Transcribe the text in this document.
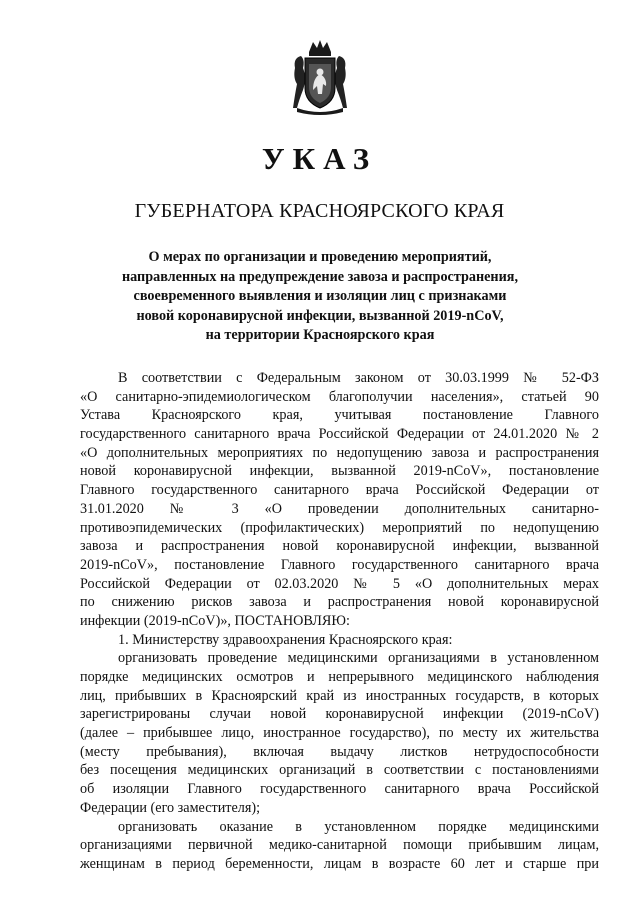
УКАЗ
ГУБЕРНАТОРА КРАСНОЯРСКОГО КРАЯ
О мерах по организации и проведению мероприятий,
направленных на предупреждение завоза и распространения,
своевременного выявления и изоляции лиц с признаками
новой коронавирусной инфекции, вызванной 2019-nCoV,
на территории Красноярского края
В соответствии с Федеральным законом от 30.03.1999 № 52-ФЗ
«О санитарно-эпидемиологическом благополучии населения», статьей 90
Устава Красноярского края, учитывая постановление Главного
государственного санитарного врача Российской Федерации от 24.01.2020 № 2
«О дополнительных мероприятиях по недопущению завоза и распространения
новой коронавирусной инфекции, вызванной 2019-nCoV», постановление
Главного государственного санитарного врача Российской Федерации от
31.01.2020 № 3 «О проведении дополнительных санитарно-
противоэпидемических (профилактических) мероприятий по недопущению
завоза и распространения новой коронавирусной инфекции, вызванной
2019-nCoV», постановление Главного государственного санитарного врача
Российской Федерации от 02.03.2020 № 5 «О дополнительных мерах
по снижению рисков завоза и распространения новой коронавирусной
инфекции (2019-nCoV)», ПОСТАНОВЛЯЮ:
1. Министерству здравоохранения Красноярского края:
организовать проведение медицинскими организациями в установленном
порядке медицинских осмотров и непрерывного медицинского наблюдения
лиц, прибывших в Красноярский край из иностранных государств, в которых
зарегистрированы случаи новой коронавирусной инфекции (2019-nCoV)
(далее – прибывшее лицо, иностранное государство), по месту их жительства
(месту пребывания), включая выдачу листков нетрудоспособности
без посещения медицинских организаций в соответствии с постановлениями
об изоляции Главного государственного санитарного врача Российской
Федерации (его заместителя);
организовать оказание в установленном порядке медицинскими
организациями первичной медико-санитарной помощи прибывшим лицам,
женщинам в период беременности, лицам в возрасте 60 лет и старше при
